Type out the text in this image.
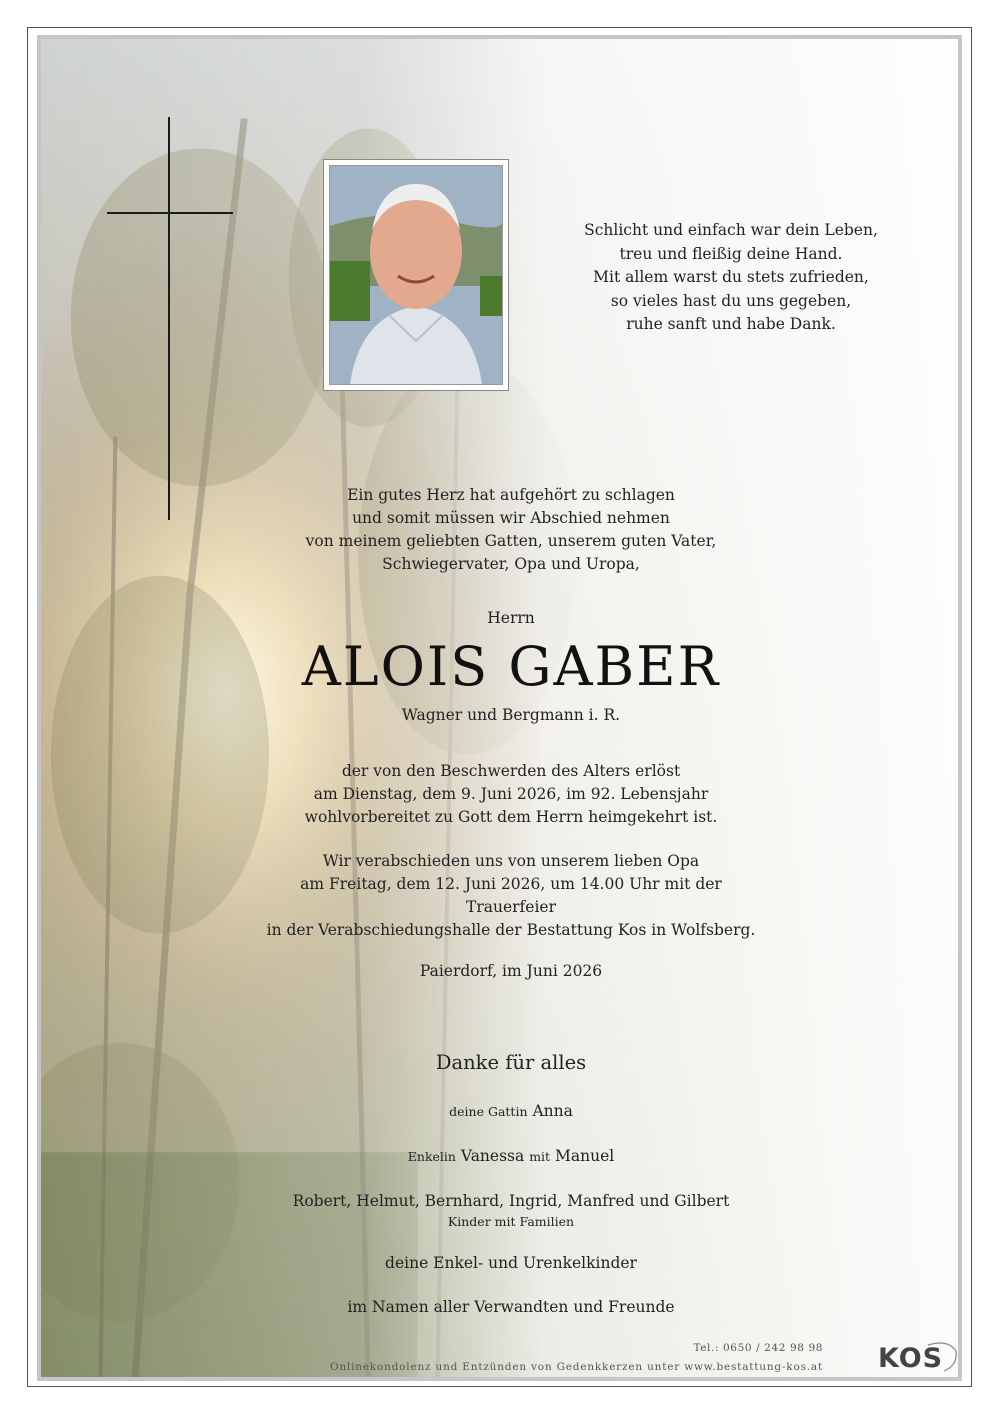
Schlicht und einfach war dein Leben,
treu und fleißig deine Hand.
Mit allem warst du stets zufrieden,
so vieles hast du uns gegeben,
ruhe sanft und habe Dank.
Ein gutes Herz hat aufgehört zu schlagen
und somit müssen wir Abschied nehmen
von meinem geliebten Gatten, unserem guten Vater,
Schwiegervater, Opa und Uropa,
Herrn
ALOIS GABER
Wagner und Bergmann i. R.
der von den Beschwerden des Alters erlöst
am Dienstag, dem 9. Juni 2026, im 92. Lebensjahr
wohlvorbereitet zu Gott dem Herrn heimgekehrt ist.
Wir verabschieden uns von unserem lieben Opa
am Freitag, dem 12. Juni 2026, um 14.00 Uhr mit der Trauerfeier
in der Verabschiedungshalle der Bestattung Kos in Wolfsberg.
Paierdorf, im Juni 2026
Danke für alles
deine Gattin Anna
Enkelin Vanessa mit Manuel
Robert, Helmut, Bernhard, Ingrid, Manfred und Gilbert
Kinder mit Familien
deine Enkel- und Urenkelkinder
im Namen aller Verwandten und Freunde
Tel.: 0650 / 242 98 98
Onlinekondolenz und Entzünden von Gedenkkerzen unter www.bestattung-kos.at KOS
